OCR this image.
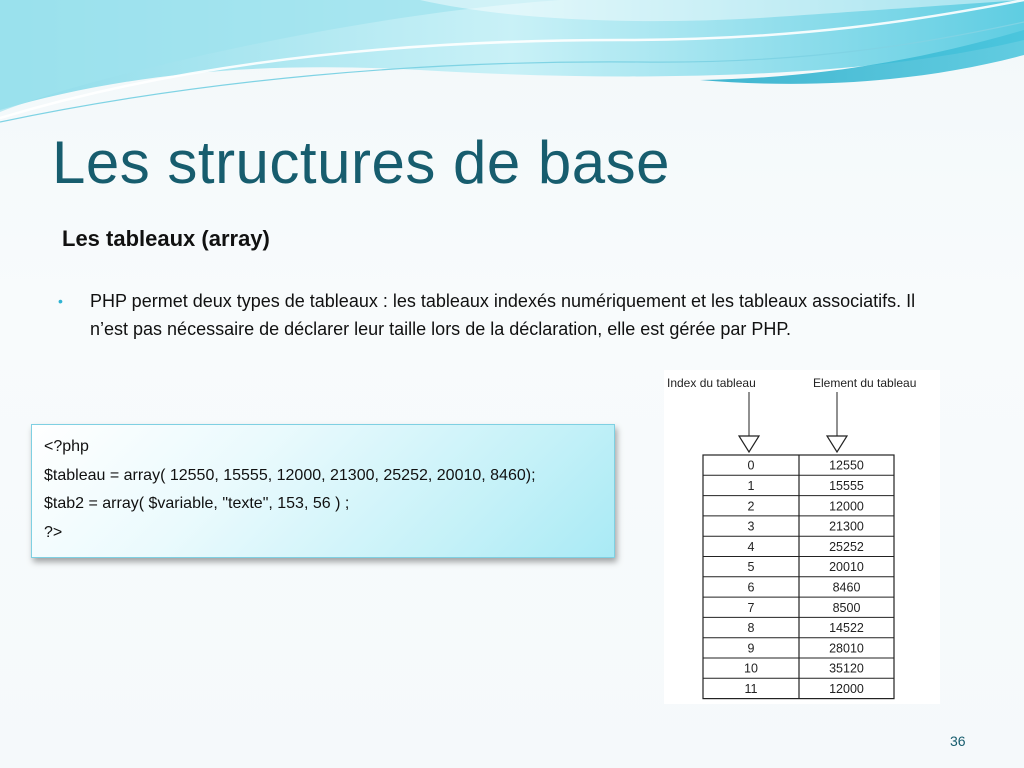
Les structures de base
Les tableaux (array)
• PHP permet deux types de tableaux : les tableaux indexés numériquement et les tableaux associatifs. Il n’est pas nécessaire de déclarer leur taille lors de la déclaration, elle est gérée par PHP.
<?php
$tableau = array( 12550, 15555, 12000, 21300, 25252, 20010, 8460);
$tab2 = array( $variable, "texte", 153, 56 ) ;
?>
Index du tableau	Element du tableau
0	12550
1	15555
2	12000
3	21300
4	25252
5	20010
6	8460
7	8500
8	14522
9	28010
10	35120
11	12000
36
